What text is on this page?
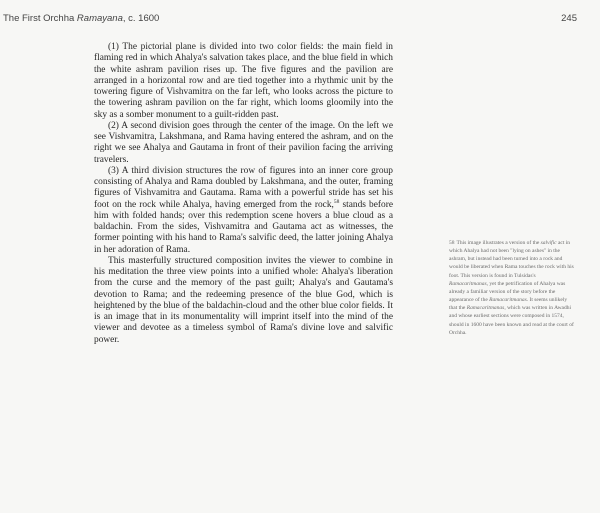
The First Orchha Ramayana, c. 1600	245

(1) The pictorial plane is divided into two color fields: the main field in flaming red in which Ahalya's salvation takes place, and the blue field in which the white ashram pavilion rises up. The five figures and the pavilion are arranged in a horizontal row and are tied together into a rhythmic unit by the towering figure of Vishvamitra on the far left, who looks across the picture to the towering ashram pavilion on the far right, which looms gloomily into the sky as a somber monument to a guilt-ridden past.

(2) A second division goes through the center of the image. On the left we see Vishvamitra, Lakshmana, and Rama having entered the ashram, and on the right we see Ahalya and Gautama in front of their pavilion facing the arriving travelers.

(3) A third division structures the row of figures into an inner core group consisting of Ahalya and Rama doubled by Lakshmana, and the outer, framing figures of Vishvamitra and Gautama. Rama with a powerful stride has set his foot on the rock while Ahalya, having emerged from the rock,$^{58}$ stands before him with folded hands; over this redemption scene hovers a blue cloud as a baldachin. From the sides, Vishvamitra and Gautama act as witnesses, the former pointing with his hand to Rama's salvific deed, the latter joining Ahalya in her adoration of Rama.

This masterfully structured composition invites the viewer to combine in his meditation the three view points into a unified whole: Ahalya's liberation from the curse and the memory of the past guilt; Ahalya's and Gautama's devotion to Rama; and the redeeming presence of the blue God, which is heightened by the blue of the baldachin-cloud and the other blue color fields. It is an image that in its monumentality will imprint itself into the mind of the viewer and devotee as a timeless symbol of Rama's divine love and salvific power.

58 This image illustrates a version of the salvific act in which Ahalya had not been "lying on ashes" in the ashram, but instead had been turned into a rock and would be liberated when Rama touches the rock with his foot. This version is found in Tulsidas's Ramacaritmanas, yet the petrification of Ahalya was already a familiar version of the story before the appearance of the Ramacaritmanas. It seems unlikely that the Ramacaritmanas, which was written in Awadhi and whose earliest sections were composed in 1574, should in 1600 have been known and read at the court of Orchha.
